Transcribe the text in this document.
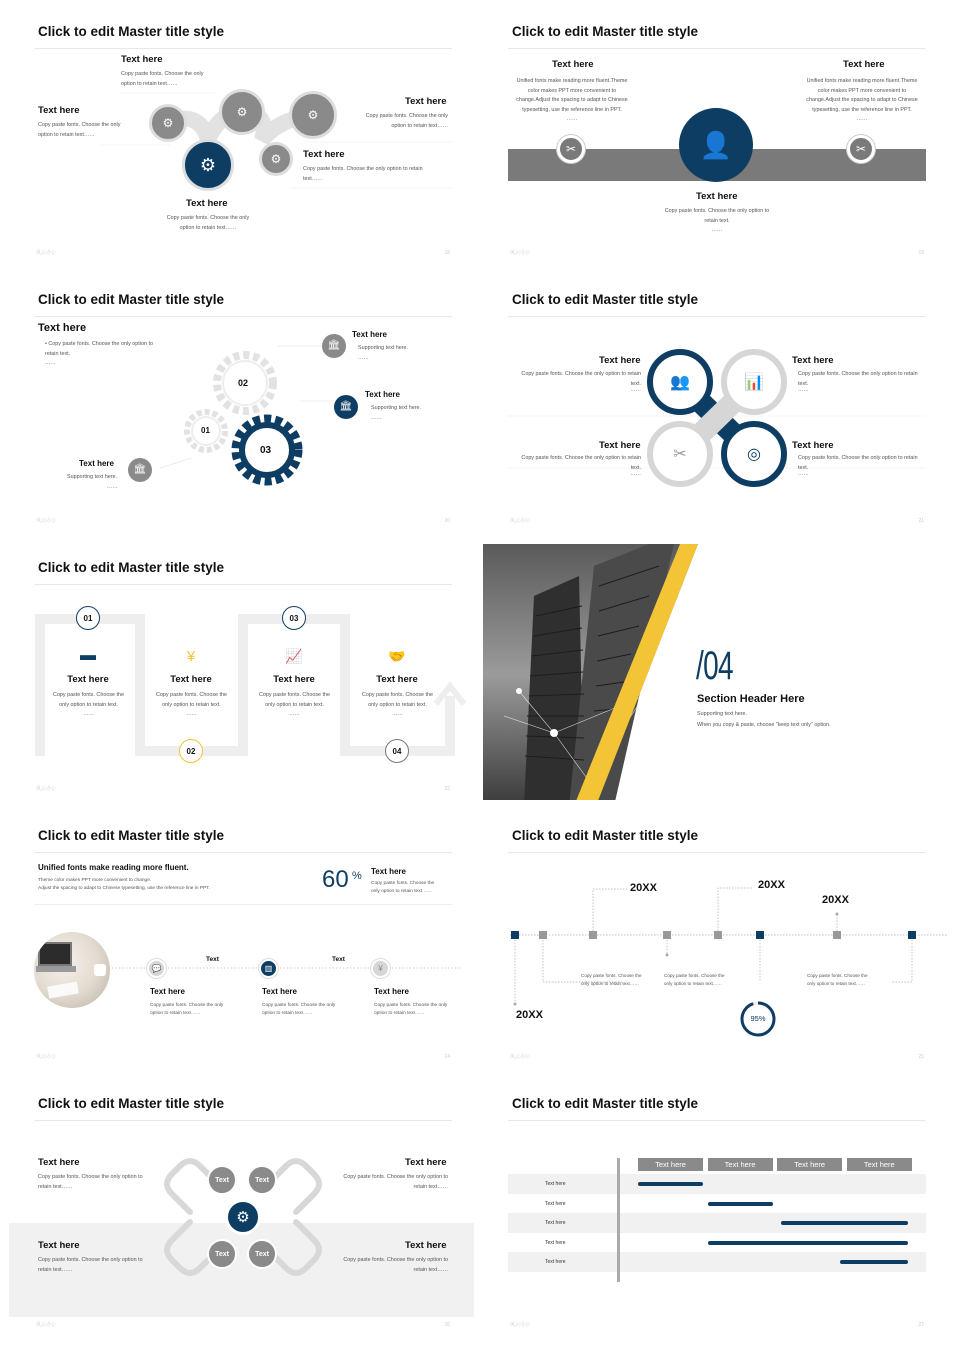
Click to edit Master title style
⚙
⚙	⚙
⚙
⚙
Text here
Copy paste fonts. Choose the only option to retain text……
Text here
Copy paste fonts. Choose the only option to retain text……
Text here
Copy paste fonts. Choose the only option to retain text……
Text here
Copy paste fonts. Choose the only option to retain text……
Text here
Copy paste fonts. Choose the only option to retain text……
风云办公	18
Click to edit Master title style
✂	✂
👤
Text here
Unified fonts make reading more fluent.Theme color makes PPT more convenient to change.Adjust the spacing to adapt to Chinese typesetting, use the reference line in PPT.
……
Text here
Unified fonts make reading more fluent.Theme color makes PPT more convenient to change.Adjust the spacing to adapt to Chinese typesetting, use the reference line in PPT.
……
Text here
Copy paste fonts. Choose the only option to retain text.
……
风云办公	19
Click to edit Master title style
02
01
03
Text here
• Copy paste fonts. Choose the only option to retain text.
……
🏛
Text here
Supporting text here.
……
🏛
Text here
Supporting text here.
……
🏛
Text here
Supporting text here.
……
风云办公	20
Click to edit Master title style
👥	📊
✂	◎
Text here
Copy paste fonts. Choose the only option to retain text.
……
Text here
Copy paste fonts. Choose the only option to retain text.
……
Text here
Copy paste fonts. Choose the only option to retain text.
……
Text here
Copy paste fonts. Choose the only option to retain text.
……
风云办公	21
Click to edit Master title style
01
02
03
04
▬	¥	📈	🤝
Text here
Copy paste fonts. Choose the only option to retain text.
……
Text here
Copy paste fonts. Choose the only option to retain text.
……
Text here
Copy paste fonts. Choose the only option to retain text.
……
Text here
Copy paste fonts. Choose the only option to retain text.
……
风云办公	22
/04
Section Header Here
Supporting text here.
When you copy & paste, choose "keep text only" option.
Click to edit Master title style
Unified fonts make reading more fluent.
Theme color makes PPT more convenient to change.
Adjust the spacing to adapt to Chinese typesetting, use the reference line in PPT.	60 % Text here
Copy paste fonts. Choose the only option to retain text……
💬	▥	¥
Text	Text
Text here
Copy paste fonts. Choose the only option to retain text……
Text here
Copy paste fonts. Choose the only option to retain text……
Text here
Copy paste fonts. Choose the only option to retain text……
风云办公	24
Click to edit Master title style
20XX	20XX
20XX
20XX
Copy paste fonts. Choose the only option to retain text……
Copy paste fonts. Choose the only option to retain text……
Copy paste fonts. Choose the only option to retain text……
95%
风云办公	25
Click to edit Master title style
Text	Text
Text	Text
⚙
Text here
Copy paste fonts. Choose the only option to retain text……
Text here
Copy paste fonts. Choose the only option to retain text……
Text here
Copy paste fonts. Choose the only option to retain text……
Text here
Copy paste fonts. Choose the only option to retain text……
风云办公	26
Click to edit Master title style
Text here	Text here	Text here	Text here
Text here
Text here
Text here
Text here
Text here
风云办公	27
